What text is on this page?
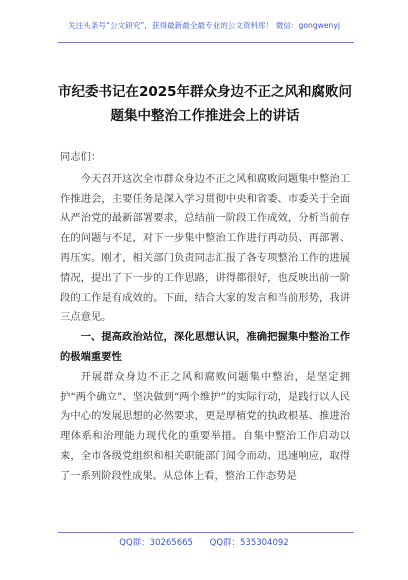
关注头条号“公文研究”，获得最新最全最专业的公文资料库！ 微信：gongwenyj
市纪委书记在2025年群众身边不正之风和腐败问题集中整治工作推进会上的讲话

同志们：

今天召开这次全市群众身边不正之风和腐败问题集中整治工作推进会，主要任务是深入学习贯彻中央和省委、市委关于全面从严治党的最新部署要求，总结前一阶段工作成效，分析当前存在的问题与不足，对下一步集中整治工作进行再动员、再部署、再压实。刚才，相关部门负责同志汇报了各专项整治工作的进展情况，提出了下一步的工作思路，讲得都很好，也反映出前一阶段的工作是有成效的。下面，结合大家的发言和当前形势，我讲三点意见。

一、提高政治站位，深化思想认识，准确把握集中整治工作的极端重要性

开展群众身边不正之风和腐败问题集中整治，是坚定拥护“两个确立”、坚决做到“两个维护”的实际行动，是践行以人民为中心的发展思想的必然要求，更是厚植党的执政根基、推进治理体系和治理能力现代化的重要举措。自集中整治工作启动以来，全市各级党组织和相关职能部门闻令而动、迅速响应，取得了一系列阶段性成果。从总体上看，整治工作态势是

QQ群：30265665 QQ群：535304092
